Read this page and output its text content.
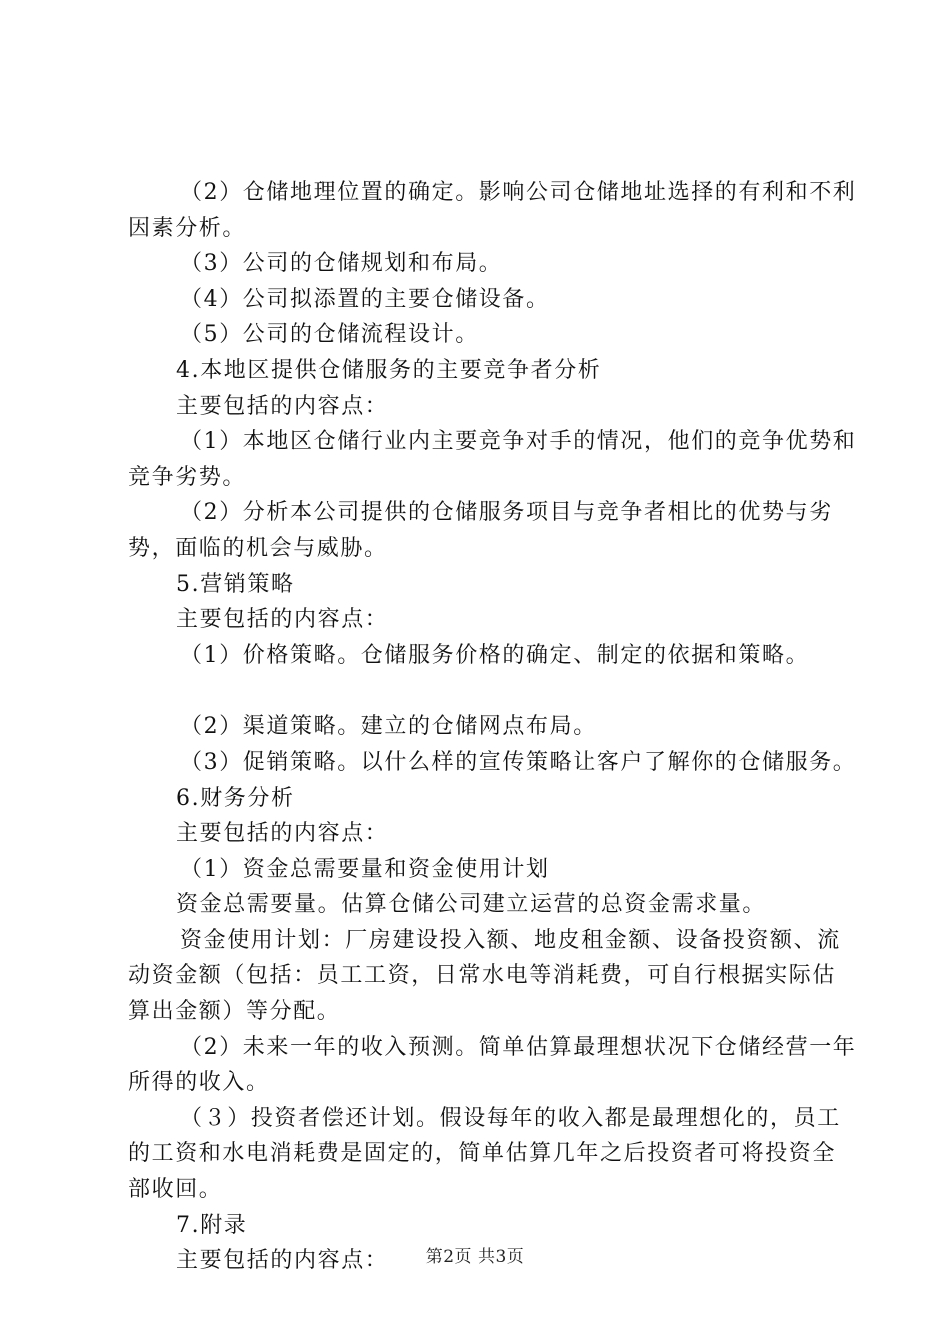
（2）仓储地理位置的确定。影响公司仓储地址选择的有利和不利因素分析。

（3）公司的仓储规划和布局。

（4）公司拟添置的主要仓储设备。

（5）公司的仓储流程设计。

4.本地区提供仓储服务的主要竞争者分析

主要包括的内容点：

（1）本地区仓储行业内主要竞争对手的情况，他们的竞争优势和竞争劣势。

（2）分析本公司提供的仓储服务项目与竞争者相比的优势与劣势，面临的机会与威胁。

5.营销策略

主要包括的内容点：

（1）价格策略。仓储服务价格的确定、制定的依据和策略。

（2）渠道策略。建立的仓储网点布局。

（3）促销策略。以什么样的宣传策略让客户了解你的仓储服务。

6.财务分析

主要包括的内容点：

（1）资金总需要量和资金使用计划

资金总需要量。估算仓储公司建立运营的总资金需求量。

资金使用计划：厂房建设投入额、地皮租金额、设备投资额、流动资金额（包括：员工工资，日常水电等消耗费，可自行根据实际估算出金额）等分配。

（2）未来一年的收入预测。简单估算最理想状况下仓储经营一年所得的收入。

（３）投资者偿还计划。假设每年的收入都是最理想化的，员工的工资和水电消耗费是固定的，简单估算几年之后投资者可将投资全部收回。

7.附录

主要包括的内容点：	第2页 共3页
